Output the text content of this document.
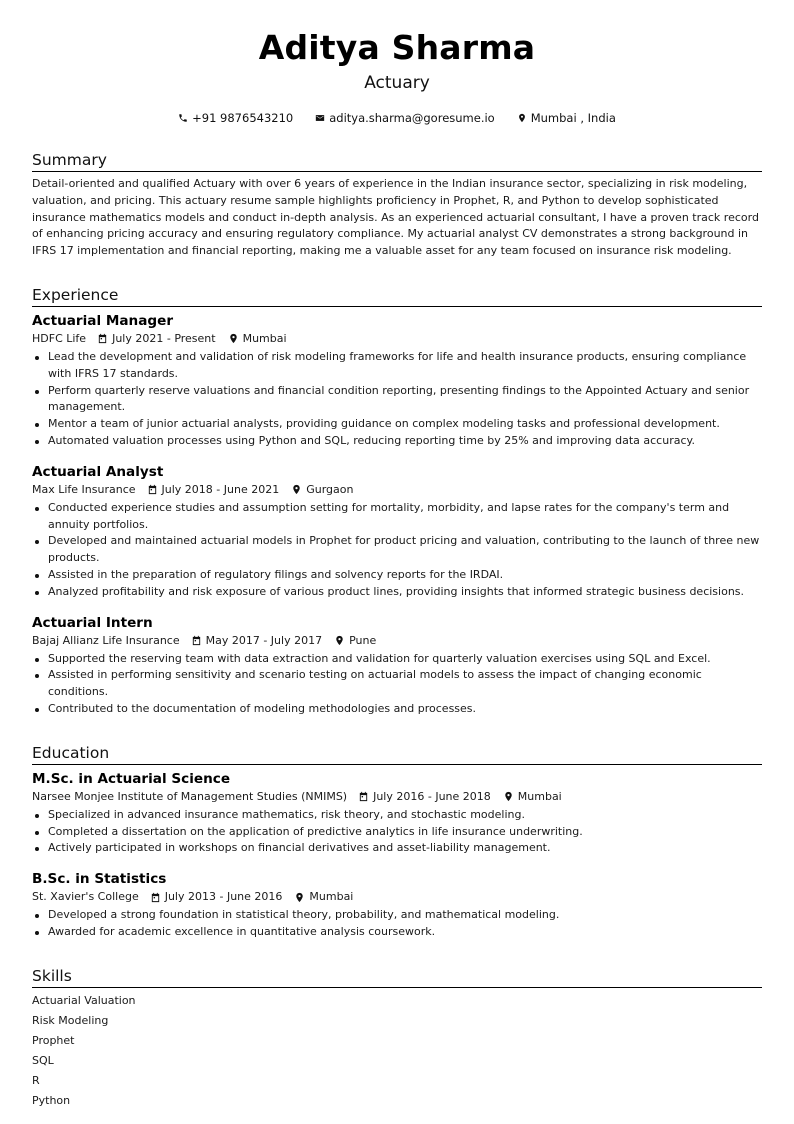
Aditya Sharma
Actuary
+91 9876543210	aditya.sharma@goresume.io	Mumbai , India
Summary
Detail-oriented and qualified Actuary with over 6 years of experience in the Indian insurance sector, specializing in risk modeling, valuation, and pricing. This actuary resume sample highlights proficiency in Prophet, R, and Python to develop sophisticated insurance mathematics models and conduct in-depth analysis. As an experienced actuarial consultant, I have a proven track record of enhancing pricing accuracy and ensuring regulatory compliance. My actuarial analyst CV demonstrates a strong background in IFRS 17 implementation and financial reporting, making me a valuable asset for any team focused on insurance risk modeling.
Experience
Actuarial Manager
HDFC Life July 2021 - Present Mumbai
Lead the development and validation of risk modeling frameworks for life and health insurance products, ensuring compliance with IFRS 17 standards.
Perform quarterly reserve valuations and financial condition reporting, presenting findings to the Appointed Actuary and senior management.
Mentor a team of junior actuarial analysts, providing guidance on complex modeling tasks and professional development.
Automated valuation processes using Python and SQL, reducing reporting time by 25% and improving data accuracy.
Actuarial Analyst
Max Life Insurance July 2018 - June 2021 Gurgaon
Conducted experience studies and assumption setting for mortality, morbidity, and lapse rates for the company's term and annuity portfolios.
Developed and maintained actuarial models in Prophet for product pricing and valuation, contributing to the launch of three new products.
Assisted in the preparation of regulatory filings and solvency reports for the IRDAI.
Analyzed profitability and risk exposure of various product lines, providing insights that informed strategic business decisions.
Actuarial Intern
Bajaj Allianz Life Insurance May 2017 - July 2017 Pune
Supported the reserving team with data extraction and validation for quarterly valuation exercises using SQL and Excel.
Assisted in performing sensitivity and scenario testing on actuarial models to assess the impact of changing economic conditions.
Contributed to the documentation of modeling methodologies and processes.
Education
M.Sc. in Actuarial Science
Narsee Monjee Institute of Management Studies (NMIMS) July 2016 - June 2018 Mumbai
Specialized in advanced insurance mathematics, risk theory, and stochastic modeling.
Completed a dissertation on the application of predictive analytics in life insurance underwriting.
Actively participated in workshops on financial derivatives and asset-liability management.
B.Sc. in Statistics
St. Xavier's College July 2013 - June 2016 Mumbai
Developed a strong foundation in statistical theory, probability, and mathematical modeling.
Awarded for academic excellence in quantitative analysis coursework.
Skills
Actuarial Valuation
Risk Modeling
Prophet
SQL
R
Python
